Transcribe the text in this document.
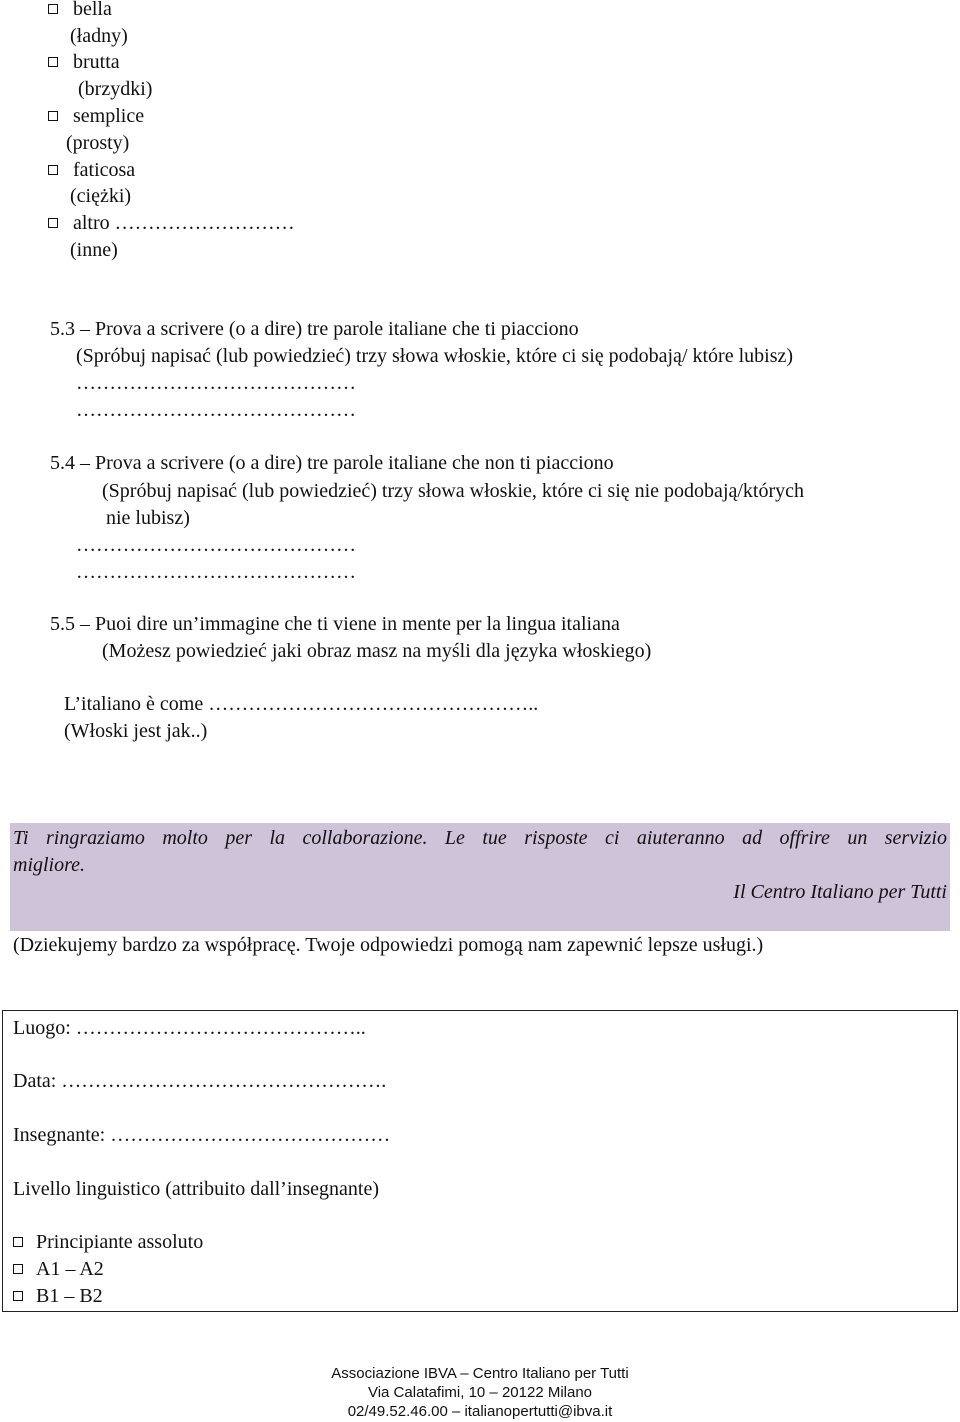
bella
(ładny)
brutta
(brzydki)
semplice
(prosty)
faticosa
(ciężki)
altro ………………………
(inne)
5.3 – Prova a scrivere (o a dire) tre parole italiane che ti piacciono
(Spróbuj napisać (lub powiedzieć) trzy słowa włoskie, które ci się podobają/ które lubisz)
……………………………………
……………………………………
5.4 – Prova a scrivere (o a dire) tre parole italiane che non ti piacciono
(Spróbuj napisać (lub powiedzieć) trzy słowa włoskie, które ci się nie podobają/których
nie lubisz)
……………………………………
……………………………………
5.5 – Puoi dire un’immagine che ti viene in mente per la lingua italiana
(Możesz powiedzieć jaki obraz masz na myśli dla języka włoskiego)
L’italiano è come …………………………………………..
(Włoski jest jak..)
Ti ringraziamo molto per la collaborazione. Le tue risposte ci aiuteranno ad offrire un servizio
migliore.
Il Centro Italiano per Tutti
(Dziekujemy bardzo za współpracę. Twoje odpowiedzi pomogą nam zapewnić lepsze usługi.)
Luogo: ……………………………………..
Data: ………………………………………….
Insegnante: ……………………………………
Livello linguistico (attribuito dall’insegnante)
Principiante assoluto
A1 – A2
B1 – B2
Associazione IBVA – Centro Italiano per Tutti
Via Calatafimi, 10 – 20122 Milano
02/49.52.46.00 – italianopertutti@ibva.it
